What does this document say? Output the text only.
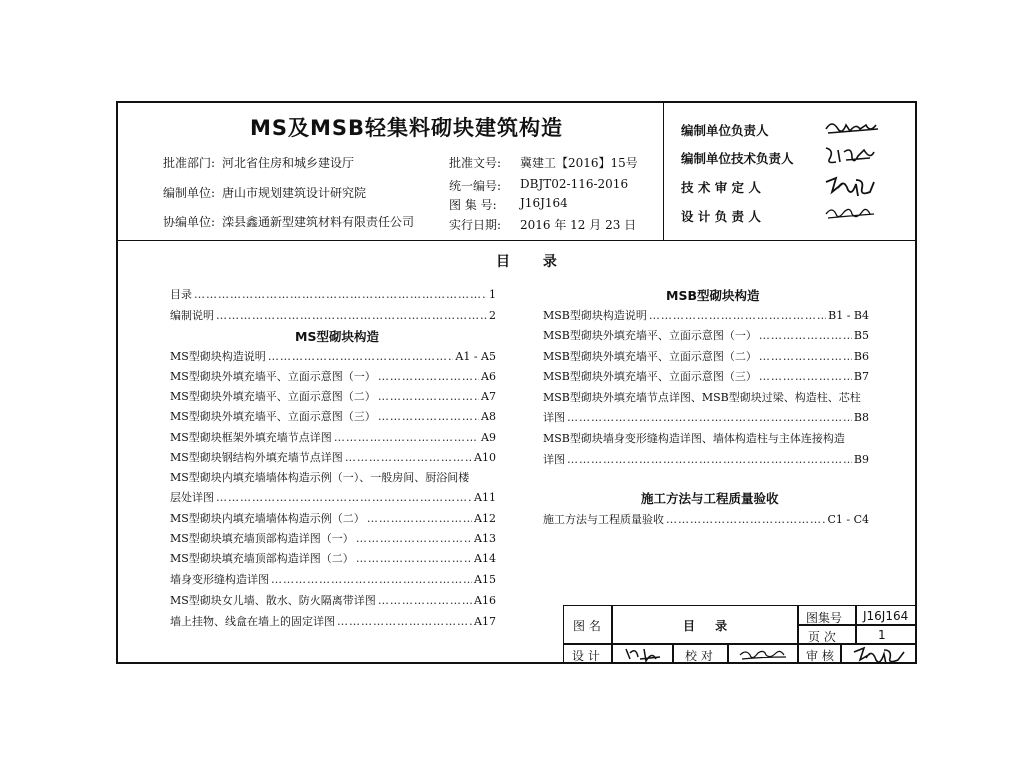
MS及MSB轻集料砌块建筑构造
批准部门: 河北省住房和城乡建设厅
编制单位: 唐山市规划建筑设计研究院
协编单位: 滦县鑫通新型建筑材料有限责任公司
批准文号: 冀建工【2016】15号
统一编号: DBJT02-116-2016
图 集 号: J16J164
实行日期: 2016 年 12 月 23 日
编制单位负责人
编制单位技术负责人
技 术 审 定 人
设 计 负 责 人
目 录
目录 …………………………………………………………………………………………………………………………………………	1
编制说明 …………………………………………………………………………………………………………………………………………	2
MS型砌块构造
MS型砌块构造说明 …………………………………………………………………………………………………………………………………………	A1 - A5
MS型砌块外填充墙平、立面示意图（一） …………………………………………………………………………………………………………………………………………	A6
MS型砌块外填充墙平、立面示意图（二） …………………………………………………………………………………………………………………………………………	A7
MS型砌块外填充墙平、立面示意图（三） …………………………………………………………………………………………………………………………………………	A8
MS型砌块框架外填充墙节点详图 …………………………………………………………………………………………………………………………………………	A9
MS型砌块钢结构外填充墙节点详图 …………………………………………………………………………………………………………………………………………	A10
MS型砌块内填充墙墙体构造示例（一）、一般房间、厨浴间楼
层处详图 …………………………………………………………………………………………………………………………………………	A11
MS型砌块内填充墙墙体构造示例（二） …………………………………………………………………………………………………………………………………………	A12
MS型砌块填充墙顶部构造详图（一） …………………………………………………………………………………………………………………………………………	A13
MS型砌块填充墙顶部构造详图（二） …………………………………………………………………………………………………………………………………………	A14
墙身变形缝构造详图 …………………………………………………………………………………………………………………………………………	A15
MS型砌块女儿墙、散水、防火隔离带详图 …………………………………………………………………………………………………………………………………………	A16
墙上挂物、线盒在墙上的固定详图 …………………………………………………………………………………………………………………………………………	A17
MSB型砌块构造
MSB型砌块构造说明 …………………………………………………………………………………………………………………………………………	B1 - B4
MSB型砌块外填充墙平、立面示意图（一） …………………………………………………………………………………………………………………………………………	B5
MSB型砌块外填充墙平、立面示意图（二） …………………………………………………………………………………………………………………………………………	B6
MSB型砌块外填充墙平、立面示意图（三） …………………………………………………………………………………………………………………………………………	B7
MSB型砌块外填充墙节点详图、MSB型砌块过梁、构造柱、芯柱
详图 …………………………………………………………………………………………………………………………………………	B8
MSB型砌块墙身变形缝构造详图、墙体构造柱与主体连接构造
详图 …………………………………………………………………………………………………………………………………………	B9
施工方法与工程质量验收
施工方法与工程质量验收 …………………………………………………………………………………………………………………………………………	C1 - C4
图 名	目 录
图集号 J16J164
页 次	1
设 计	校 对	审 核
